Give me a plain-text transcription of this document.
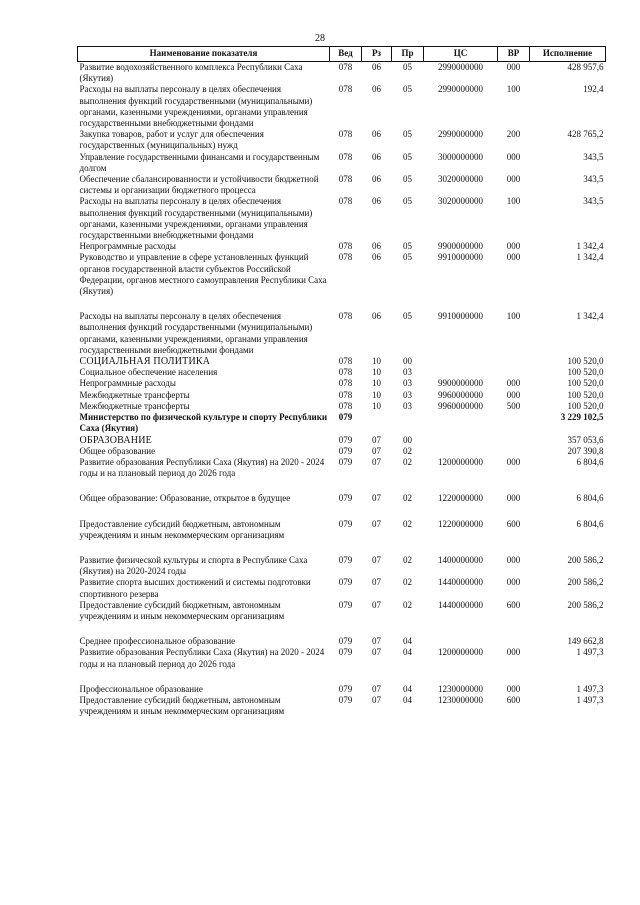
28
Наименование показателя	Вед	Рз	Пр	ЦС	ВР	Исполнение
Развитие водохозяйственного комплекса Республики Саха (Якутия)	078	06	05	2990000000	000	428 957,6
Расходы на выплаты персоналу в целях обеспечения выполнения функций государственными (муниципальными) органами, казенными учреждениями, органами управления государственными внебюджетными фондами	078	06	05	2990000000	100	192,4
Закупка товаров, работ и услуг для обеспечения государственных (муниципальных) нужд	078	06	05	2990000000	200	428 765,2
Управление государственными финансами и государственным долгом	078	06	05	3000000000	000	343,5
Обеспечение сбалансированности и устойчивости бюджетной системы и организации бюджетного процесса	078	06	05	3020000000	000	343,5
Расходы на выплаты персоналу в целях обеспечения выполнения функций государственными (муниципальными) органами, казенными учреждениями, органами управления государственными внебюджетными фондами	078	06	05	3020000000	100	343,5
Непрограммные расходы	078	06	05	9900000000	000	1 342,4
Руководство и управление в сфере установленных функций органов государственной власти субъектов Российской Федерации, органов местного самоуправления Республики Саха (Якутия)	078	06	05	9910000000	000	1 342,4
Расходы на выплаты персоналу в целях обеспечения выполнения функций государственными (муниципальными) органами, казенными учреждениями, органами управления государственными внебюджетными фондами	078	06	05	9910000000	100	1 342,4
СОЦИАЛЬНАЯ ПОЛИТИКА	078	10	00			100 520,0
Социальное обеспечение населения	078	10	03			100 520,0
Непрограммные расходы	078	10	03	9900000000	000	100 520,0
Межбюджетные трансферты	078	10	03	9960000000	000	100 520,0
Межбюджетные трансферты	078	10	03	9960000000	500	100 520,0
Министерство по физической культуре и спорту Республики Саха (Якутия)	079					3 229 102,5
ОБРАЗОВАНИЕ	079	07	00			357 053,6
Общее образование	079	07	02			207 390,8
Развитие образования Республики Саха (Якутия) на 2020 - 2024 годы и на плановый период до 2026 года	079	07	02	1200000000	000	6 804,6
Общее образование: Образование, открытое в будущее	079	07	02	1220000000	000	6 804,6
Предоставление субсидий бюджетным, автономным учреждениям и иным некоммерческим организациям	079	07	02	1220000000	600	6 804,6
Развитие физической культуры и спорта в Республике Саха (Якутия) на 2020-2024 годы	079	07	02	1400000000	000	200 586,2
Развитие спорта высших достижений и системы подготовки спортивного резерва	079	07	02	1440000000	000	200 586,2
Предоставление субсидий бюджетным, автономным учреждениям и иным некоммерческим организациям	079	07	02	1440000000	600	200 586,2
Среднее профессиональное образование	079	07	04			149 662,8
Развитие образования Республики Саха (Якутия) на 2020 - 2024 годы и на плановый период до 2026 года	079	07	04	1200000000	000	1 497,3
Профессиональное образование	079	07	04	1230000000	000	1 497,3
Предоставление субсидий бюджетным, автономным учреждениям и иным некоммерческим организациям	079	07	04	1230000000	600	1 497,3
